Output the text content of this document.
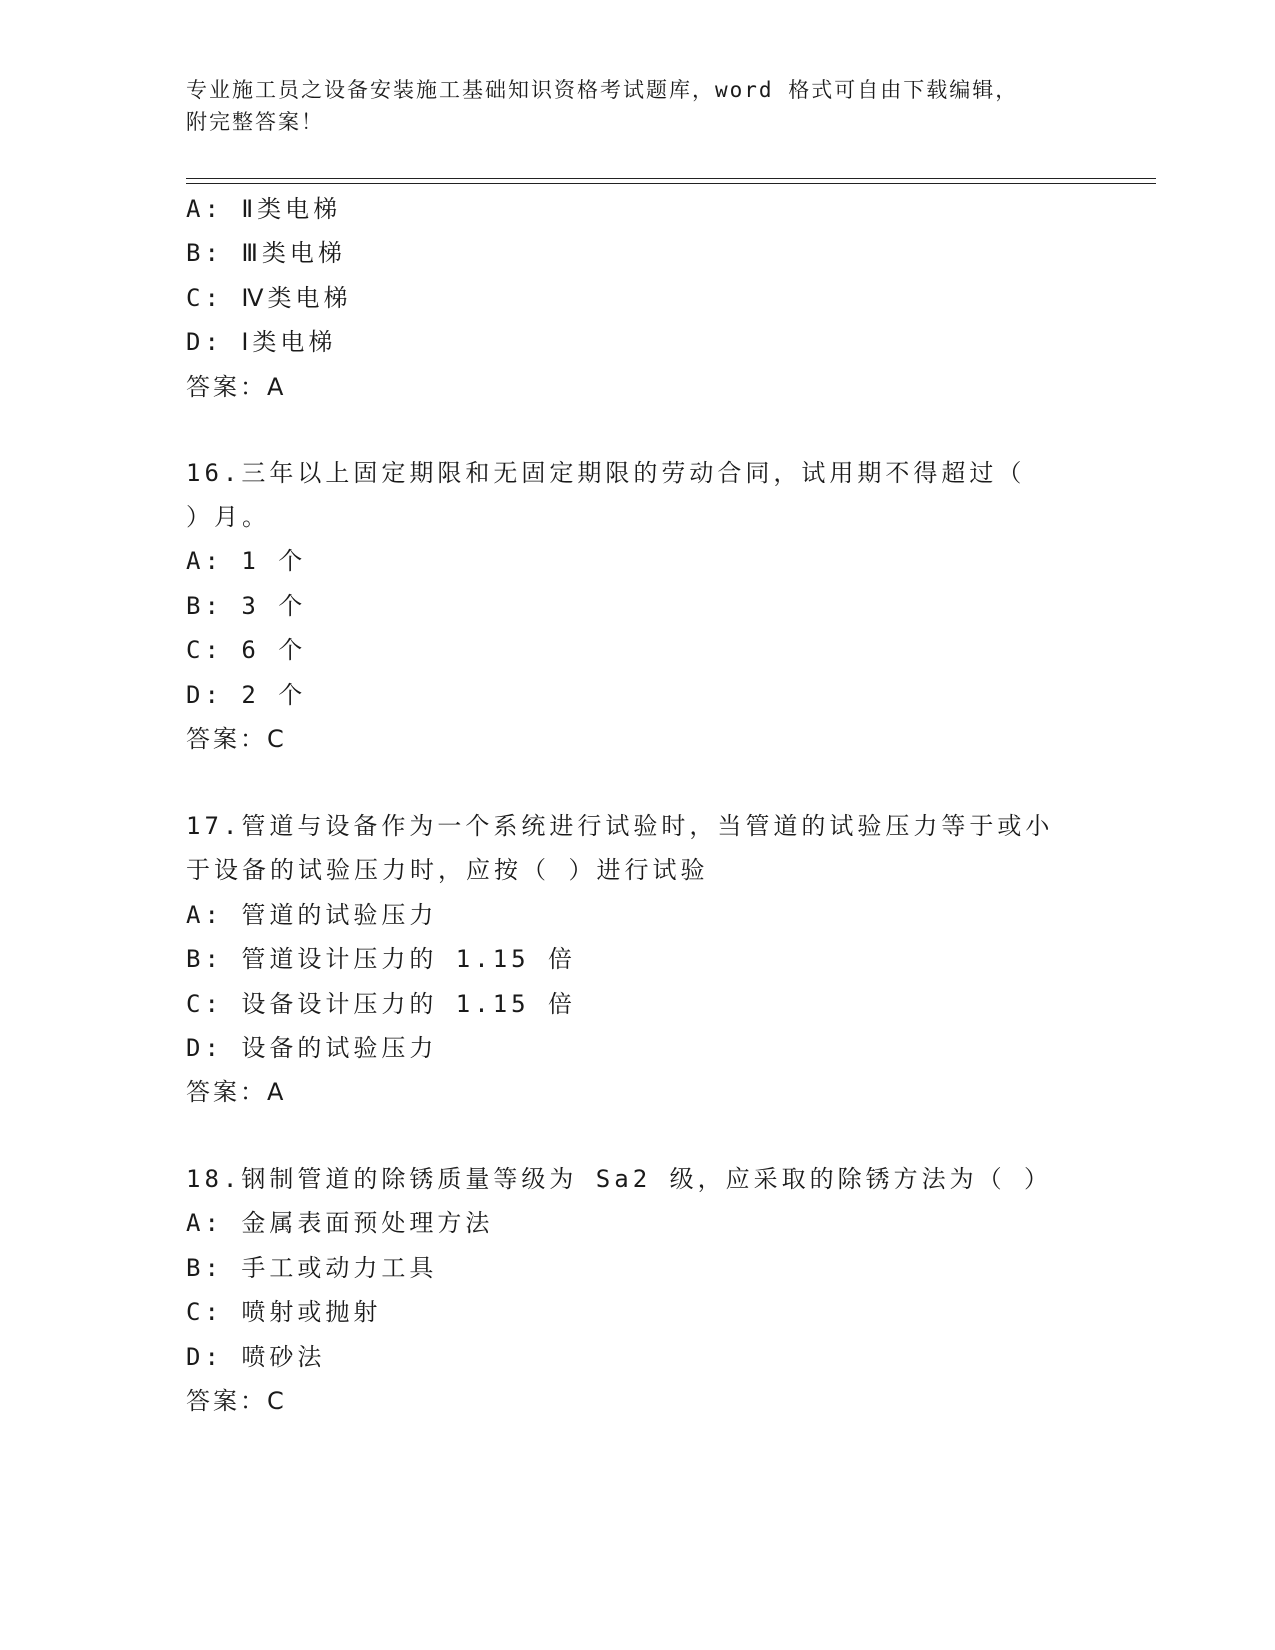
专业施工员之设备安装施工基础知识资格考试题库，word 格式可自由下载编辑，
附完整答案！
A: Ⅱ类电梯
B: Ⅲ类电梯
C: Ⅳ类电梯
D: Ⅰ类电梯
答案：A
16.三年以上固定期限和无固定期限的劳动合同，试用期不得超过（
）月。
A: 1 个
B: 3 个
C: 6 个
D: 2 个
答案：C
17.管道与设备作为一个系统进行试验时，当管道的试验压力等于或小
于设备的试验压力时，应按（ ）进行试验
A: 管道的试验压力
B: 管道设计压力的 1.15 倍
C: 设备设计压力的 1.15 倍
D: 设备的试验压力
答案：A
18.钢制管道的除锈质量等级为 Sa2 级，应采取的除锈方法为（ ）
A: 金属表面预处理方法
B: 手工或动力工具
C: 喷射或抛射
D: 喷砂法
答案：C
